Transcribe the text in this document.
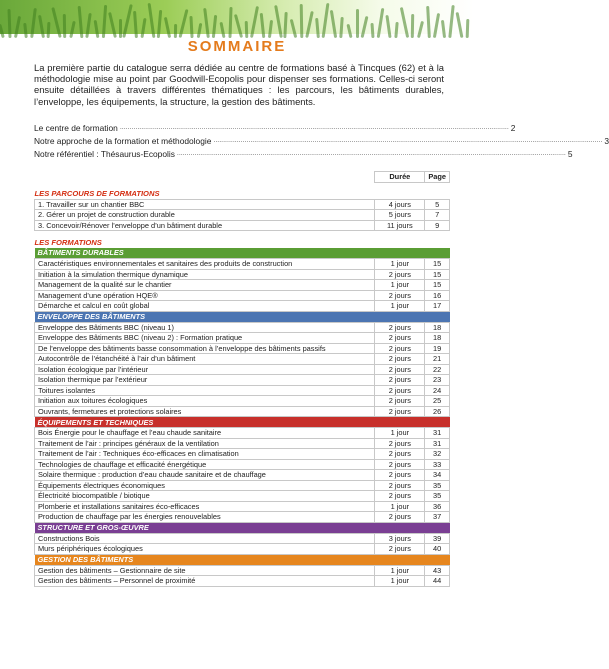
SOMMAIRE

La première partie du catalogue serra dédiée au centre de formations basé à Tincques (62) et à la méthodologie mise au point par Goodwill-Ecopolis pour dispenser ses formations. Celles-ci seront ensuite détaillées à travers différentes thématiques : les parcours, les bâtiments durables, l’enveloppe, les équipements, la structure, la gestion des bâtiments.

Le centre de formation ........................................................................................................................................................................................................ 2
Notre approche de la formation et méthodologie ........................................................................................................................................................................................................ 3
Notre référentiel : Thésaurus-Ecopolis ........................................................................................................................................................................................................ 5
	Durée	Page

LES PARCOURS DE FORMATIONS		
1. Travailler sur un chantier BBC	4 jours	5
2. Gérer un projet de construction durable	5 jours	7
3. Concevoir/Rénover l’enveloppe d’un bâtiment durable	11 jours	9

LES FORMATIONS		
BÂTIMENTS DURABLES		
Caractéristiques environnementales et sanitaires des produits de construction	1 jour	15
Initiation à la simulation thermique dynamique	2 jours	15
Management de la qualité sur le chantier	1 jour	15
Management d’une opération HQE®	2 jours	16
Démarche et calcul en coût global	1 jour	17
ENVELOPPE DES BÂTIMENTS		
Enveloppe des Bâtiments BBC (niveau 1)	2 jours	18
Enveloppe des Bâtiments BBC (niveau 2) : Formation pratique	2 jours	18
De l’enveloppe des bâtiments basse consommation à l’enveloppe des bâtiments passifs	2 jours	19
Autocontrôle de l’étanchéité à l’air d’un bâtiment	2 jours	21
Isolation écologique par l’intérieur	2 jours	22
Isolation thermique par l’extérieur	2 jours	23
Toitures isolantes	2 jours	24
Initiation aux toitures écologiques	2 jours	25
Ouvrants, fermetures et protections solaires	2 jours	26
ÉQUIPEMENTS ET TECHNIQUES		
Bois Énergie pour le chauffage et l’eau chaude sanitaire	1 jour	31
Traitement de l’air : principes généraux de la ventilation	2 jours	31
Traitement de l’air : Techniques éco-efficaces en climatisation	2 jours	32
Technologies de chauffage et efficacité énergétique	2 jours	33
Solaire thermique : production d’eau chaude sanitaire et de chauffage	2 jours	34
Équipements électriques économiques	2 jours	35
Électricité biocompatible / biotique	2 jours	35
Plomberie et installations sanitaires éco-efficaces	1 jour	36
Production de chauffage par les énergies renouvelables	2 jours	37
STRUCTURE ET GROS-ŒUVRE		
Constructions Bois	3 jours	39
Murs périphériques écologiques	2 jours	40
GESTION DES BÂTIMENTS		
Gestion des bâtiments – Gestionnaire de site	1 jour	43
Gestion des bâtiments – Personnel de proximité	1 jour	44
